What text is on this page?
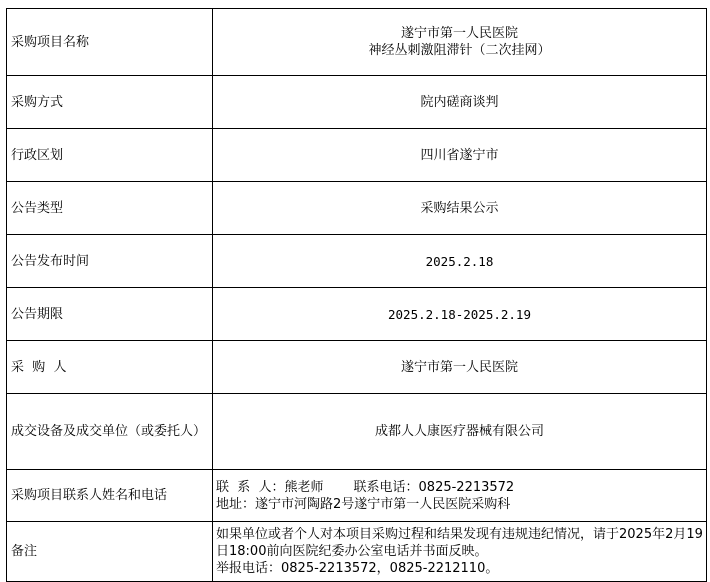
采购项目名称	遂宁市第一人民医院
神经丛刺激阻滞针（二次挂网）

采购方式	院内磋商谈判
行政区划	四川省遂宁市
公告类型	采购结果公示
公告发布时间	2025.2.18
公告期限	2025.2.18-2025.2.19
采  购  人	遂宁市第一人民医院

成交设备及成交单位（或委托人）	成都人人康医疗器械有限公司
采购项目联系人姓名和电话	联  系  人：熊老师 联系电话：0825-2213572
地址：遂宁市河陶路2号遂宁市第一人民医院采购科

备注	如果单位或者个人对本项目采购过程和结果发现有违规违纪情况，请于2025年2月19日18:00前向医院纪委办公室电话并书面反映。
举报电话：0825-2213572，0825-2212110。
